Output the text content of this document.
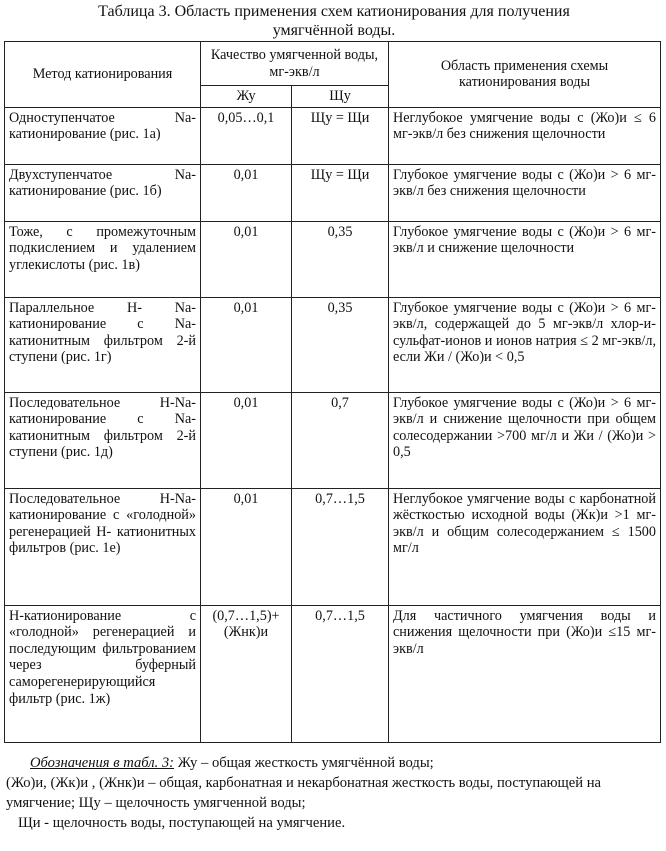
Таблица 3. Область применения схем катионирования для получения
умягчённой воды.
Метод катионирования	Качество умягченной воды, мг-экв/л		Область применения схемы катионирования воды
	Жу	Щу	
Одноступенчатое Na-катионирование (рис. 1а)	0,05…0,1	Щу = Щи	Неглубокое умягчение воды с (Жо)и ≤ 6 мг-экв/л без снижения щелочности
Двухступенчатое Na-катионирование (рис. 1б)	0,01	Щу = Щи	Глубокое умягчение воды с (Жо)и > 6 мг-экв/л без снижения щелочности
Тоже, с промежуточным подкислением и удалением углекислоты (рис. 1в)	0,01	0,35	Глубокое умягчение воды с (Жо)и > 6 мг-экв/л и снижение щелочности
Параллельное Н- Na-катионирование с Na-катионитным фильтром 2-й ступени (рис. 1г)	0,01	0,35	Глубокое умягчение воды с (Жо)и > 6 мг-экв/л, содержащей до 5 мг-экв/л хлор-и-сульфат-ионов и ионов натрия ≤ 2 мг-экв/л, если Жи / (Жо)и < 0,5
Последовательное Н-Na-катионирование с Na-катионитным фильтром 2-й ступени (рис. 1д)	0,01	0,7	Глубокое умягчение воды с (Жо)и > 6 мг-экв/л и снижение щелочности при общем солесодержании >700 мг/л и Жи / (Жо)и > 0,5
Последовательное Н-Na-катионирование с «голодной» регенерацией Н- катионитных фильтров (рис. 1е)	0,01	0,7…1,5	Неглубокое умягчение воды с карбонатной жёсткостью исходной воды (Жк)и >1 мг-экв/л и общим солесодержанием ≤ 1500 мг/л
Н-катионирование с «голодной» регенерацией и последующим фильтрованием через буферный саморегенерирующийся фильтр (рис. 1ж)	(0,7…1,5)+(Жнк)и	0,7…1,5	Для частичного умягчения воды и снижения щелочности при (Жо)и ≤15 мг-экв/л

Обозначения в табл. 3: Жу – общая жесткость умягчённой воды;

(Жо)и, (Жк)и , (Жнк)и – общая, карбонатная и некарбонатная жесткость воды, поступающей на умягчение; Щу – щелочность умягченной воды;

Щи - щелочность воды, поступающей на умягчение.
